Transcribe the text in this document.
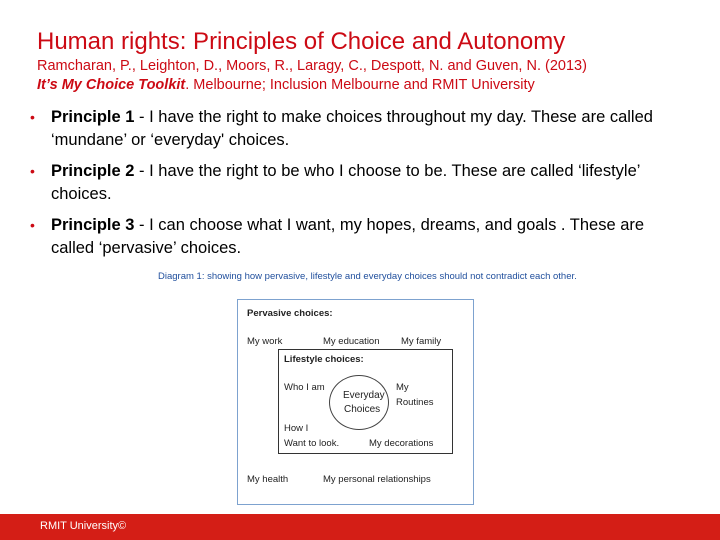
Human rights: Principles of Choice and Autonomy
Ramcharan, P., Leighton, D., Moors, R., Laragy, C., Despott, N. and Guven, N. (2013)
It’s My Choice Toolkit. Melbourne; Inclusion Melbourne and RMIT University
• Principle 1 - I have the right to make choices throughout my day. These are called ‘mundane’ or ‘everyday' choices.
• Principle 2 - I have the right to be who I choose to be. These are called ‘lifestyle’ choices.
• Principle 3 - I can choose what I want, my hopes, dreams, and goals . These are called ‘pervasive’ choices.
Diagram 1: showing how pervasive, lifestyle and everyday choices should not contradict each other.
Pervasive choices:
My work	My education My family
Lifestyle choices:
Who I am	My
Routines
How I
Want to look.	My decorations
Everyday
Choices
My health	My personal relationships
RMIT University©
